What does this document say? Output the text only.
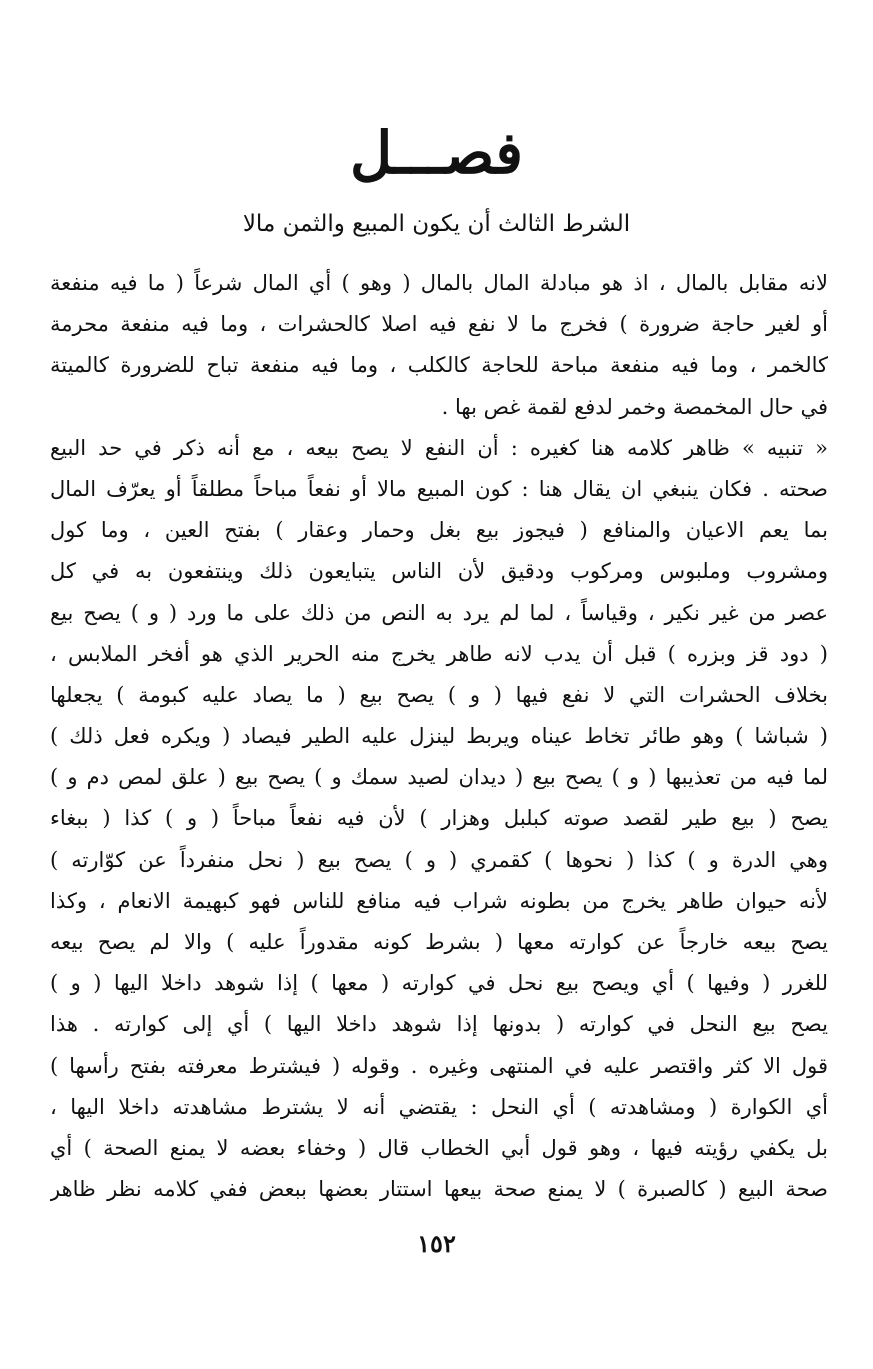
فصـــل
الشرط الثالث أن يكون المبيع والثمن مالا
لانه مقابل بالمال ، اذ هو مبادلة المال بالمال ( وهو ) أي المال شرعاً ( ما فيه منفعة
أو لغير حاجة ضرورة ) فخرج ما لا نفع فيه اصلا كالحشرات ، وما فيه منفعة محرمة
كالخمر ، وما فيه منفعة مباحة للحاجة كالكلب ، وما فيه منفعة تباح للضرورة كالميتة
في حال المخمصة وخمر لدفع لقمة غص بها .
« تنبيه » ظاهر كلامه هنا كغيره : أن النفع لا يصح بيعه ، مع أنه ذكر في حد البيع
صحته . فكان ينبغي ان يقال هنا : كون المبيع مالا أو نفعاً مباحاً مطلقاً أو يعرّف المال
بما يعم الاعيان والمنافع ( فيجوز بيع بغل وحمار وعقار ) بفتح العين ، وما كول
ومشروب وملبوس ومركوب ودقيق لأن الناس يتبايعون ذلك وينتفعون به في كل
عصر من غير نكير ، وقياساً ، لما لم يرد به النص من ذلك على ما ورد ( و ) يصح بيع
( دود قز وبزره ) قبل أن يدب لانه طاهر يخرج منه الحرير الذي هو أفخر الملابس ،
بخلاف الحشرات التي لا نفع فيها ( و ) يصح بيع ( ما يصاد عليه كبومة ) يجعلها
( شباشا ) وهو طائر تخاط عيناه ويربط لينزل عليه الطير فيصاد ( ويكره فعل ذلك )
لما فيه من تعذيبها ( و ) يصح بيع ( ديدان لصيد سمك و ) يصح بيع ( علق لمص دم و )
يصح ( بيع طير لقصد صوته كبلبل وهزار ) لأن فيه نفعاً مباحاً ( و ) كذا ( ببغاء
وهي الدرة و ) كذا ( نحوها ) كقمري ( و ) يصح بيع ( نحل منفرداً عن كوّارته )
لأنه حيوان طاهر يخرج من بطونه شراب فيه منافع للناس فهو كبهيمة الانعام ، وكذا
يصح بيعه خارجاً عن كوارته معها ( بشرط كونه مقدوراً عليه ) والا لم يصح بيعه
للغرر ( وفيها ) أي ويصح بيع نحل في كوارته ( معها ) إذا شوهد داخلا اليها ( و )
يصح بيع النحل في كوارته ( بدونها إذا شوهد داخلا اليها ) أي إلى كوارته . هذا
قول الا كثر واقتصر عليه في المنتهى وغيره . وقوله ( فيشترط معرفته بفتح رأسها )
أي الكوارة ( ومشاهدته ) أي النحل : يقتضي أنه لا يشترط مشاهدته داخلا اليها ،
بل يكفي رؤيته فيها ، وهو قول أبي الخطاب قال ( وخفاء بعضه لا يمنع الصحة ) أي
صحة البيع ( كالصبرة ) لا يمنع صحة بيعها استتار بعضها ببعض ففي كلامه نظر ظاهر
١٥٢
